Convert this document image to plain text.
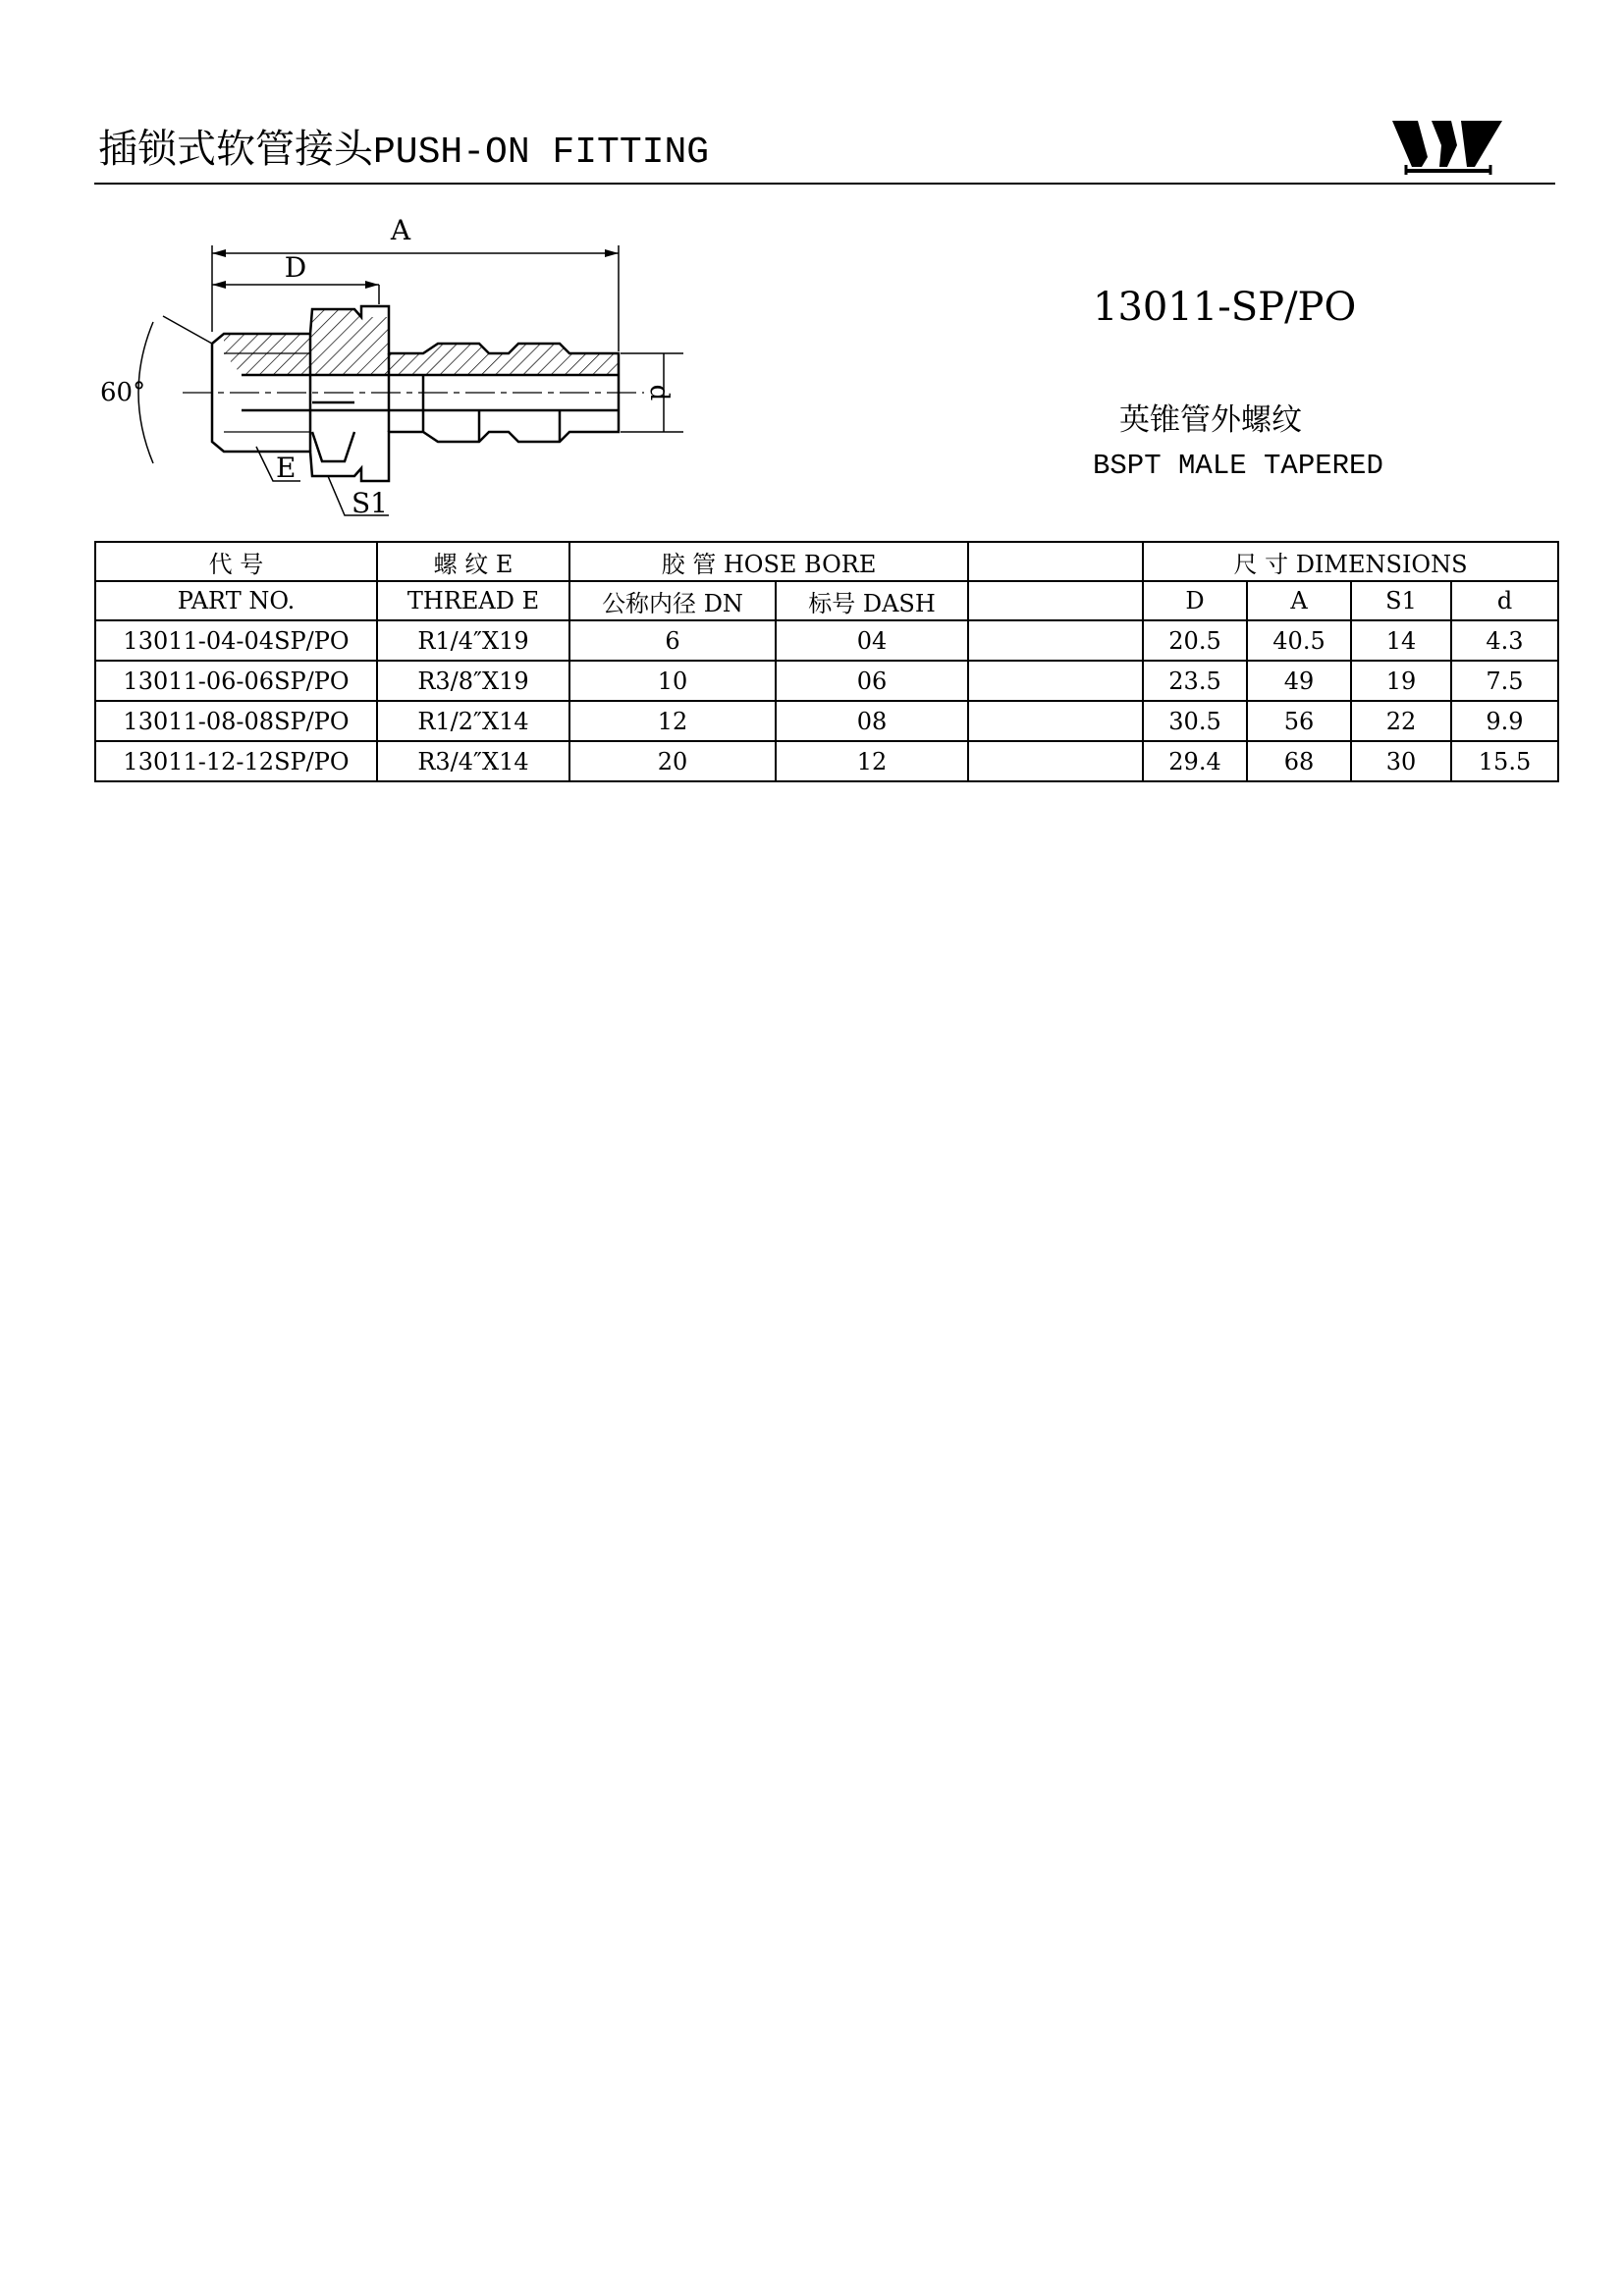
插锁式软管接头PUSH-ON FITTING
A
D
d
60°
E
S1
13011-SP/PO
英锥管外螺纹
BSPT MALE TAPERED
代 号	螺 纹 E	胶 管 HOSE BORE			尺 寸 DIMENSIONS			
PART NO.	THREAD E	公称内径 DN	标号 DASH		D	A	S1	d
13011-04-04SP/PO	R1/4″X19	6	04		20.5	40.5	14	4.3
13011-06-06SP/PO	R3/8″X19	10	06		23.5	49	19	7.5
13011-08-08SP/PO	R1/2″X14	12	08		30.5	56	22	9.9
13011-12-12SP/PO	R3/4″X14	20	12		29.4	68	30	15.5
